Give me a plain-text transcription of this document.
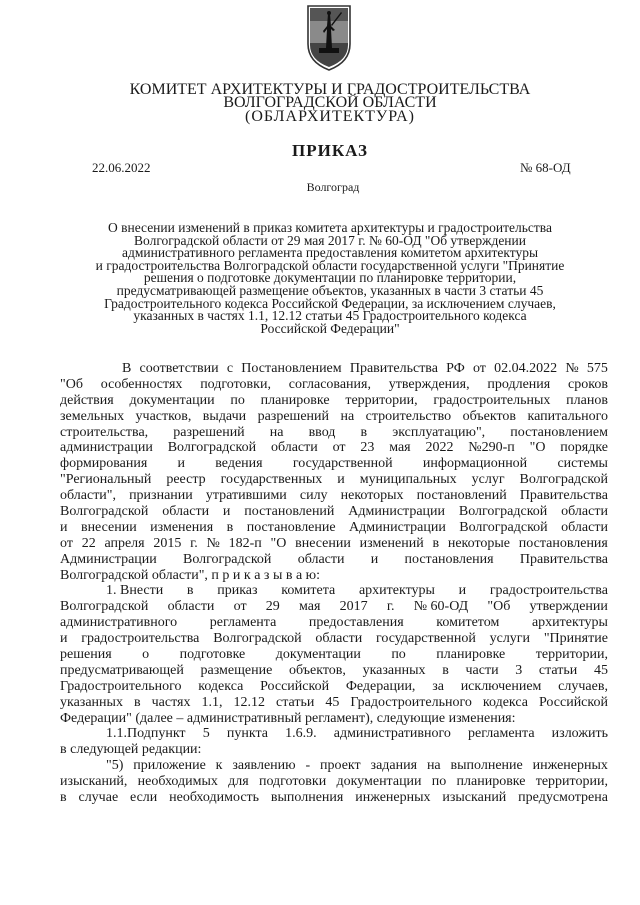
КОМИТЕТ АРХИТЕКТУРЫ И ГРАДОСТРОИТЕЛЬСТВА
ВОЛГОГРАДСКОЙ ОБЛАСТИ
(ОБЛАРХИТЕКТУРА)
ПРИКАЗ
22.06.2022	№ 68-ОД
Волгоград
О внесении изменений в приказ комитета архитектуры и градостроительства
Волгоградской области от 29 мая 2017 г. № 60-ОД "Об утверждении
административного регламента предоставления комитетом архитектуры
и градостроительства Волгоградской области государственной услуги "Принятие
решения о подготовке документации по планировке территории,
предусматривающей размещение объектов, указанных в части 3 статьи 45
Градостроительного кодекса Российской Федерации, за исключением случаев,
указанных в частях 1.1, 12.12 статьи 45 Градостроительного кодекса
Российской Федерации"
В соответствии с Постановлением Правительства РФ от 02.04.2022 № 575
"Об особенностях подготовки, согласования, утверждения, продления сроков
действия документации по планировке территории, градостроительных планов
земельных участков, выдачи разрешений на строительство объектов капитального
строительства, разрешений на ввод в эксплуатацию", постановлением
администрации Волгоградской области от 23 мая 2022 №290-п "О порядке
формирования и ведения государственной информационной системы
"Региональный реестр государственных и муниципальных услуг Волгоградской
области", признании утратившими силу некоторых постановлений Правительства
Волгоградской области и постановлений Администрации Волгоградской области
и внесении изменения в постановление Администрации Волгоградской области
от 22 апреля 2015 г. № 182-п "О внесении изменений в некоторые постановления
Администрации Волгоградской области и постановления Правительства
Волгоградской области", п р и к а з ы в а ю:
1. Внести в приказ комитета архитектуры и градостроительства
Волгоградской области от 29 мая 2017 г. № 60-ОД "Об утверждении
административного регламента предоставления комитетом архитектуры
и градостроительства Волгоградской области государственной услуги "Принятие
решения о подготовке документации по планировке территории,
предусматривающей размещение объектов, указанных в части 3 статьи 45
Градостроительного кодекса Российской Федерации, за исключением случаев,
указанных в частях 1.1, 12.12 статьи 45 Градостроительного кодекса Российской
Федерации" (далее – административный регламент), следующие изменения:
1.1.Подпункт 5 пункта 1.6.9. административного регламента изложить
в следующей редакции:
"5) приложение к заявлению - проект задания на выполнение инженерных
изысканий, необходимых для подготовки документации по планировке территории,
в случае если необходимость выполнения инженерных изысканий предусмотрена
